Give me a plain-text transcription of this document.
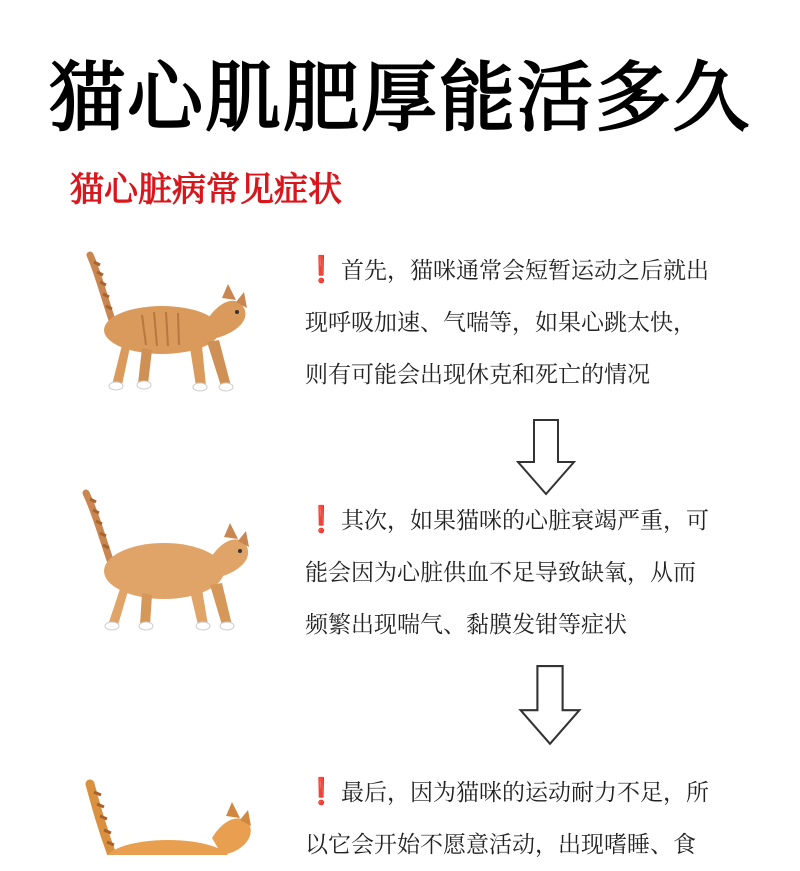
猫心肌肥厚能活多久
猫心脏病常见症状
❗ 首先，猫咪通常会短暂运动之后就出
现呼吸加速、气喘等，如果心跳太快，
则有可能会出现休克和死亡的情况
❗ 其次，如果猫咪的心脏衰竭严重，可
能会因为心脏供血不足导致缺氧，从而
频繁出现喘气、黏膜发钳等症状
❗ 最后，因为猫咪的运动耐力不足，所
以它会开始不愿意活动，出现嗜睡、食
